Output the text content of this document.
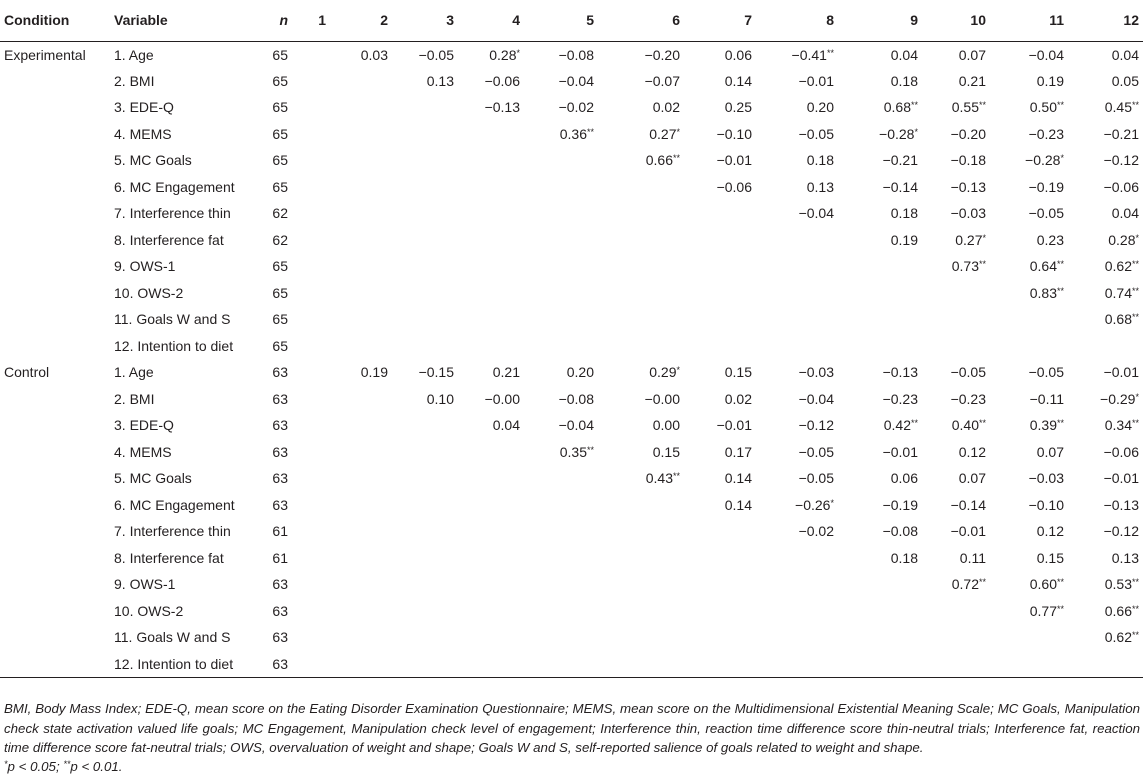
Condition	Variable	n	1	2	3	4	5	6	7	8	9	10	11	12
Experimental	1. Age	65		0.03	−0.05	0.28*	−0.08	−0.20	0.06	−0.41**	0.04	0.07	−0.04	0.04
	2. BMI	65			0.13	−0.06	−0.04	−0.07	0.14	−0.01	0.18	0.21	0.19	0.05
	3. EDE-Q	65				−0.13	−0.02	0.02	0.25	0.20	0.68**	0.55**	0.50**	0.45**
	4. MEMS	65					0.36**	0.27*	−0.10	−0.05	−0.28*	−0.20	−0.23	−0.21
	5. MC Goals	65						0.66**	−0.01	0.18	−0.21	−0.18	−0.28*	−0.12
	6. MC Engagement	65							−0.06	0.13	−0.14	−0.13	−0.19	−0.06
	7. Interference thin	62								−0.04	0.18	−0.03	−0.05	0.04
	8. Interference fat	62									0.19	0.27*	0.23	0.28*
	9. OWS-1	65										0.73**	0.64**	0.62**
	10. OWS-2	65											0.83**	0.74**
	11. Goals W and S	65												0.68**
	12. Intention to diet	65												
Control	1. Age	63		0.19	−0.15	0.21	0.20	0.29*	0.15	−0.03	−0.13	−0.05	−0.05	−0.01
	2. BMI	63			0.10	−0.00	−0.08	−0.00	0.02	−0.04	−0.23	−0.23	−0.11	−0.29*
	3. EDE-Q	63				0.04	−0.04	0.00	−0.01	−0.12	0.42**	0.40**	0.39**	0.34**
	4. MEMS	63					0.35**	0.15	0.17	−0.05	−0.01	0.12	0.07	−0.06
	5. MC Goals	63						0.43**	0.14	−0.05	0.06	0.07	−0.03	−0.01
	6. MC Engagement	63							0.14	−0.26*	−0.19	−0.14	−0.10	−0.13
	7. Interference thin	61								−0.02	−0.08	−0.01	0.12	−0.12
	8. Interference fat	61									0.18	0.11	0.15	0.13
	9. OWS-1	63										0.72**	0.60**	0.53**
	10. OWS-2	63											0.77**	0.66**
	11. Goals W and S	63												0.62**
	12. Intention to diet	63												
BMI, Body Mass Index; EDE-Q, mean score on the Eating Disorder Examination Questionnaire; MEMS, mean score on the Multidimensional Existential Meaning Scale; MC Goals, Manipulation check state activation valued life goals; MC Engagement, Manipulation check level of engagement; Interference thin, reaction time difference score thin-neutral trials; Interference fat, reaction time difference score fat-neutral trials; OWS, overvaluation of weight and shape; Goals W and S, self-reported salience of goals related to weight and shape.
*p < 0.05; **p < 0.01.
